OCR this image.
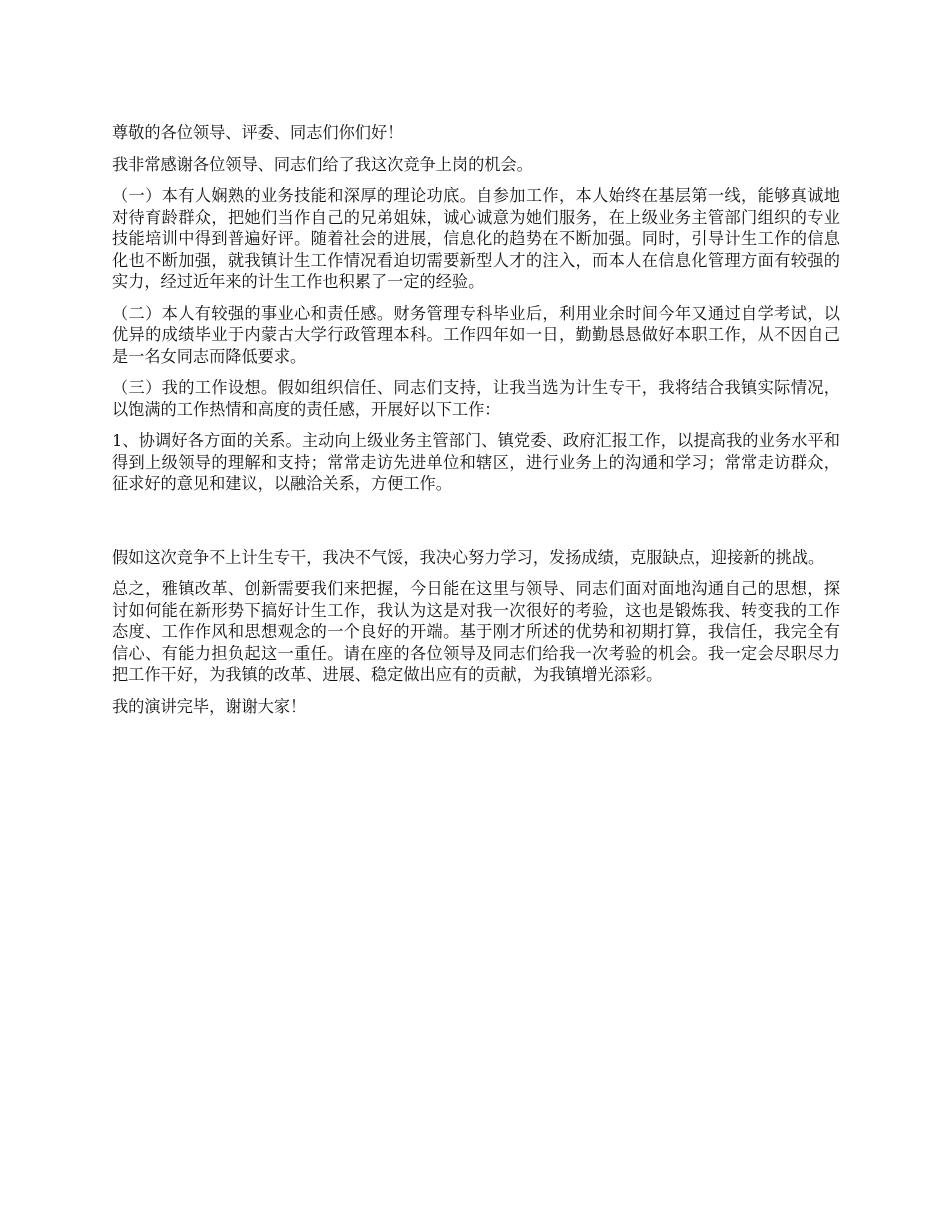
尊敬的各位领导、评委、同志们你们好！

我非常感谢各位领导、同志们给了我这次竞争上岗的机会。

（一）本有人娴熟的业务技能和深厚的理论功底。自参加工作，本人始终在基层第一线，能够真诚地对待育龄群众，把她们当作自己的兄弟姐妹，诚心诚意为她们服务，在上级业务主管部门组织的专业技能培训中得到普遍好评。随着社会的进展，信息化的趋势在不断加强。同时，引导计生工作的信息化也不断加强，就我镇计生工作情况看迫切需要新型人才的注入，而本人在信息化管理方面有较强的实力，经过近年来的计生工作也积累了一定的经验。

（二）本人有较强的事业心和责任感。财务管理专科毕业后，利用业余时间今年又通过自学考试，以优异的成绩毕业于内蒙古大学行政管理本科。工作四年如一日，勤勤恳恳做好本职工作，从不因自己是一名女同志而降低要求。

（三）我的工作设想。假如组织信任、同志们支持，让我当选为计生专干，我将结合我镇实际情况，以饱满的工作热情和高度的责任感，开展好以下工作：

1、协调好各方面的关系。主动向上级业务主管部门、镇党委、政府汇报工作，以提高我的业务水平和得到上级领导的理解和支持；常常走访先进单位和辖区，进行业务上的沟通和学习；常常走访群众，征求好的意见和建议，以融洽关系，方便工作。

假如这次竞争不上计生专干，我决不气馁，我决心努力学习，发扬成绩，克服缺点，迎接新的挑战。

总之，雅镇改革、创新需要我们来把握，今日能在这里与领导、同志们面对面地沟通自己的思想，探讨如何能在新形势下搞好计生工作，我认为这是对我一次很好的考验，这也是锻炼我、转变我的工作态度、工作作风和思想观念的一个良好的开端。基于刚才所述的优势和初期打算，我信任，我完全有信心、有能力担负起这一重任。请在座的各位领导及同志们给我一次考验的机会。我一定会尽职尽力把工作干好，为我镇的改革、进展、稳定做出应有的贡献，为我镇增光添彩。

我的演讲完毕，谢谢大家！
